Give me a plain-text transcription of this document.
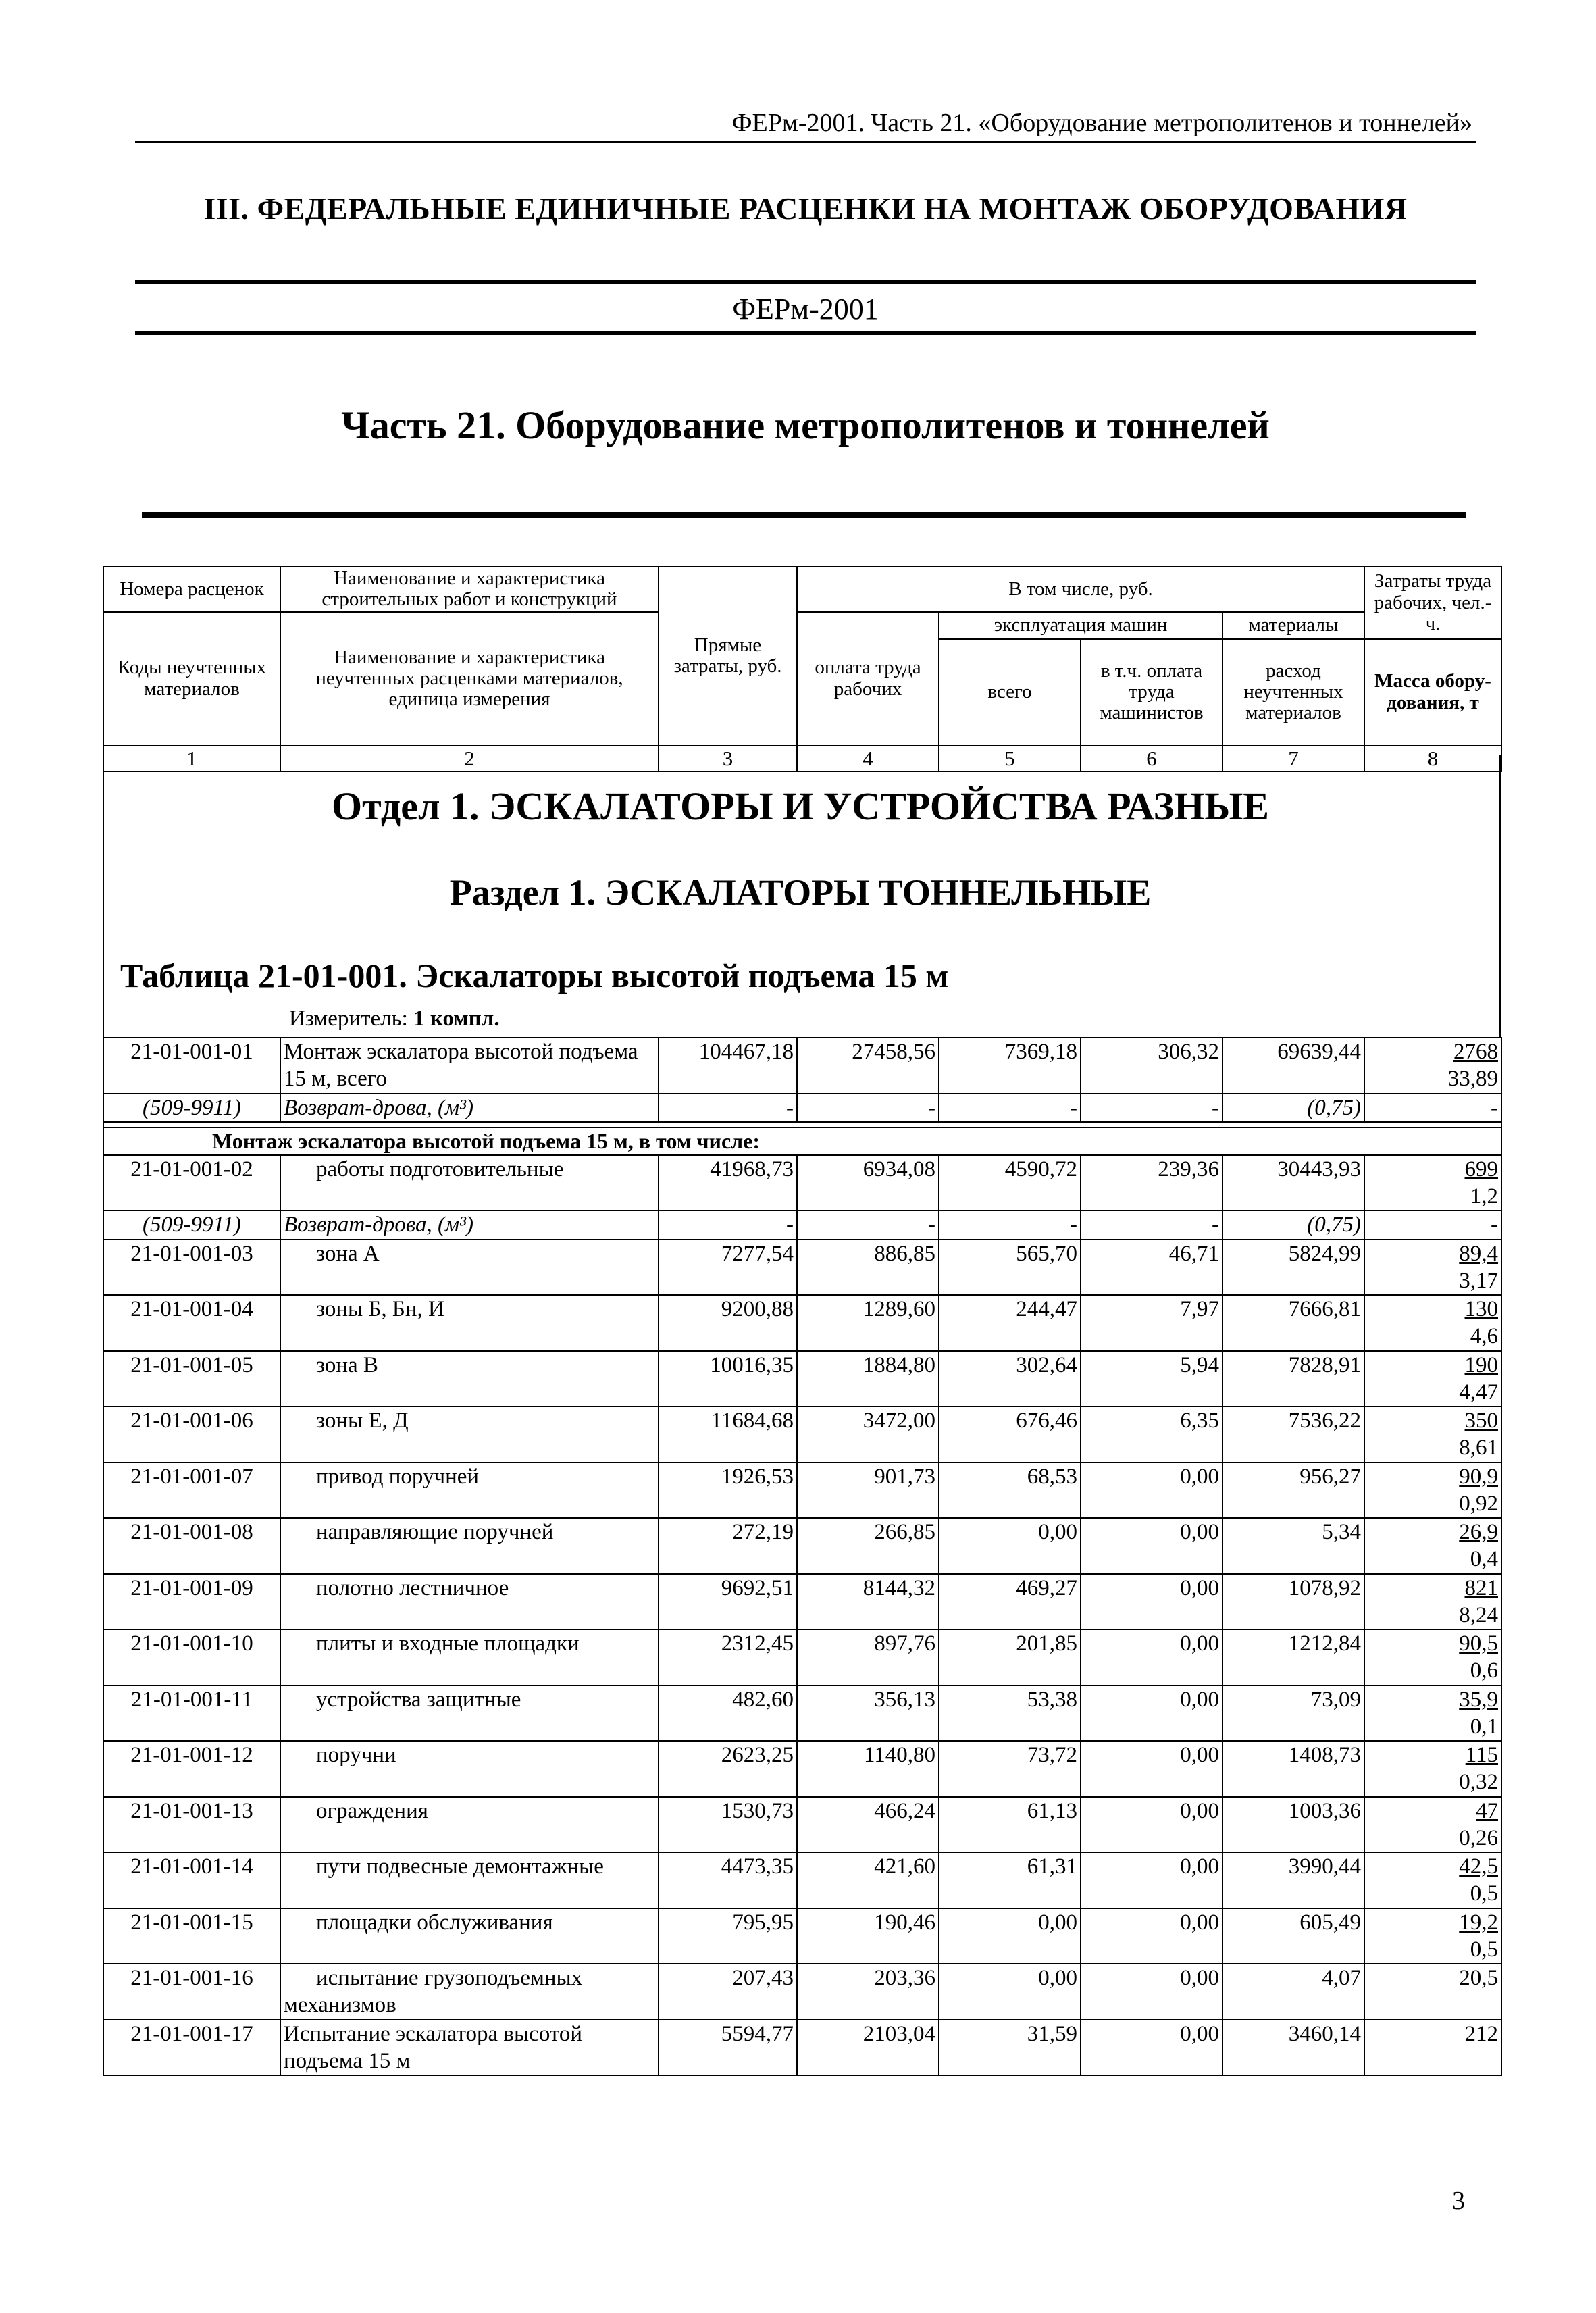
ФЕРм-2001. Часть 21. «Оборудование метрополитенов и тоннелей»
III. ФЕДЕРАЛЬНЫЕ ЕДИНИЧНЫЕ РАСЦЕНКИ НА МОНТАЖ ОБОРУДОВАНИЯ
ФЕРм-2001
Часть 21. Оборудование метрополитенов и тоннелей
Номера расценок	Наименование и характеристика строительных работ и конструкций	Прямые затраты, руб.	В том числе, руб.				Затраты труда рабочих, чел.-ч.
Коды неучтенных материалов	Наименование и характеристика неучтенных расценками материалов, единица измерения		оплата труда рабочих	эксплуатация машин		материалы	
				всего	в т.ч. оплата труда машинистов	расход неучтенных материалов	Масса обору-дования, т
1	2	3	4	5	6	7	8
Отдел 1. ЭСКАЛАТОРЫ И УСТРОЙСТВА РАЗНЫЕ
Раздел 1. ЭСКАЛАТОРЫ ТОННЕЛЬНЫЕ
Таблица 21-01-001. Эскалаторы высотой подъема 15 м
Измеритель: 1 компл.
21-01-001-01	Монтаж эскалатора высотой подъема 15 м, всего	104467,18	27458,56	7369,18	306,32	69639,44	2768
33,89
(509-9911)	Возврат-дрова, (м³)	-	-	-	-	(0,75)	-

Монтаж эскалатора высотой подъема 15 м, в том числе:							
21-01-001-02	работы подготовительные	41968,73	6934,08	4590,72	239,36	30443,93	699
1,2
(509-9911)	Возврат-дрова, (м³)	-	-	-	-	(0,75)	-
21-01-001-03	зона А	7277,54	886,85	565,70	46,71	5824,99	89,4
3,17
21-01-001-04	зоны Б, Бн, И	9200,88	1289,60	244,47	7,97	7666,81	130
4,6
21-01-001-05	зона В	10016,35	1884,80	302,64	5,94	7828,91	190
4,47
21-01-001-06	зоны Е, Д	11684,68	3472,00	676,46	6,35	7536,22	350
8,61
21-01-001-07	привод поручней	1926,53	901,73	68,53	0,00	956,27	90,9
0,92
21-01-001-08	направляющие поручней	272,19	266,85	0,00	0,00	5,34	26,9
0,4
21-01-001-09	полотно лестничное	9692,51	8144,32	469,27	0,00	1078,92	821
8,24
21-01-001-10	плиты и входные площадки	2312,45	897,76	201,85	0,00	1212,84	90,5
0,6
21-01-001-11	устройства защитные	482,60	356,13	53,38	0,00	73,09	35,9
0,1
21-01-001-12	поручни	2623,25	1140,80	73,72	0,00	1408,73	115
0,32
21-01-001-13	ограждения	1530,73	466,24	61,13	0,00	1003,36	47
0,26
21-01-001-14	пути подвесные демонтажные	4473,35	421,60	61,31	0,00	3990,44	42,5
0,5
21-01-001-15	площадки обслуживания	795,95	190,46	0,00	0,00	605,49	19,2
0,5
21-01-001-16	испытание грузоподъемных
механизмов	207,43	203,36	0,00	0,00	4,07	20,5
21-01-001-17	Испытание эскалатора высотой подъема 15 м	5594,77	2103,04	31,59	0,00	3460,14	212
3
